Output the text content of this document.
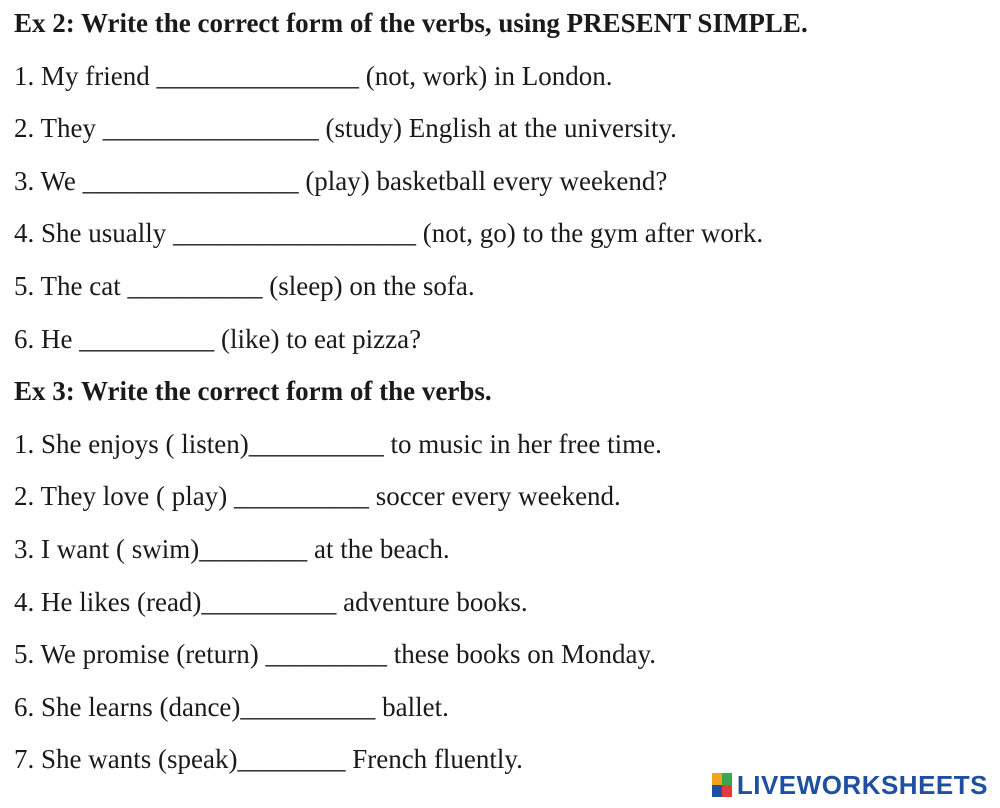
Ex 2: Write the correct form of the verbs, using PRESENT SIMPLE.
1. My friend _______________ (not, work) in London.
2. They ________________ (study) English at the university.
3. We ________________ (play) basketball every weekend?
4. She usually __________________ (not, go) to the gym after work.
5. The cat __________ (sleep) on the sofa.
6. He __________ (like) to eat pizza?
Ex 3: Write the correct form of the verbs.
1. She enjoys ( listen)__________ to music in her free time.
2. They love ( play) __________ soccer every weekend.
3. I want ( swim)________ at the beach.
4. He likes (read)__________ adventure books.
5. We promise (return) _________ these books on Monday.
6. She learns (dance)__________ ballet.
7. She wants (speak)________ French fluently.
LIVEWORKSHEETS
